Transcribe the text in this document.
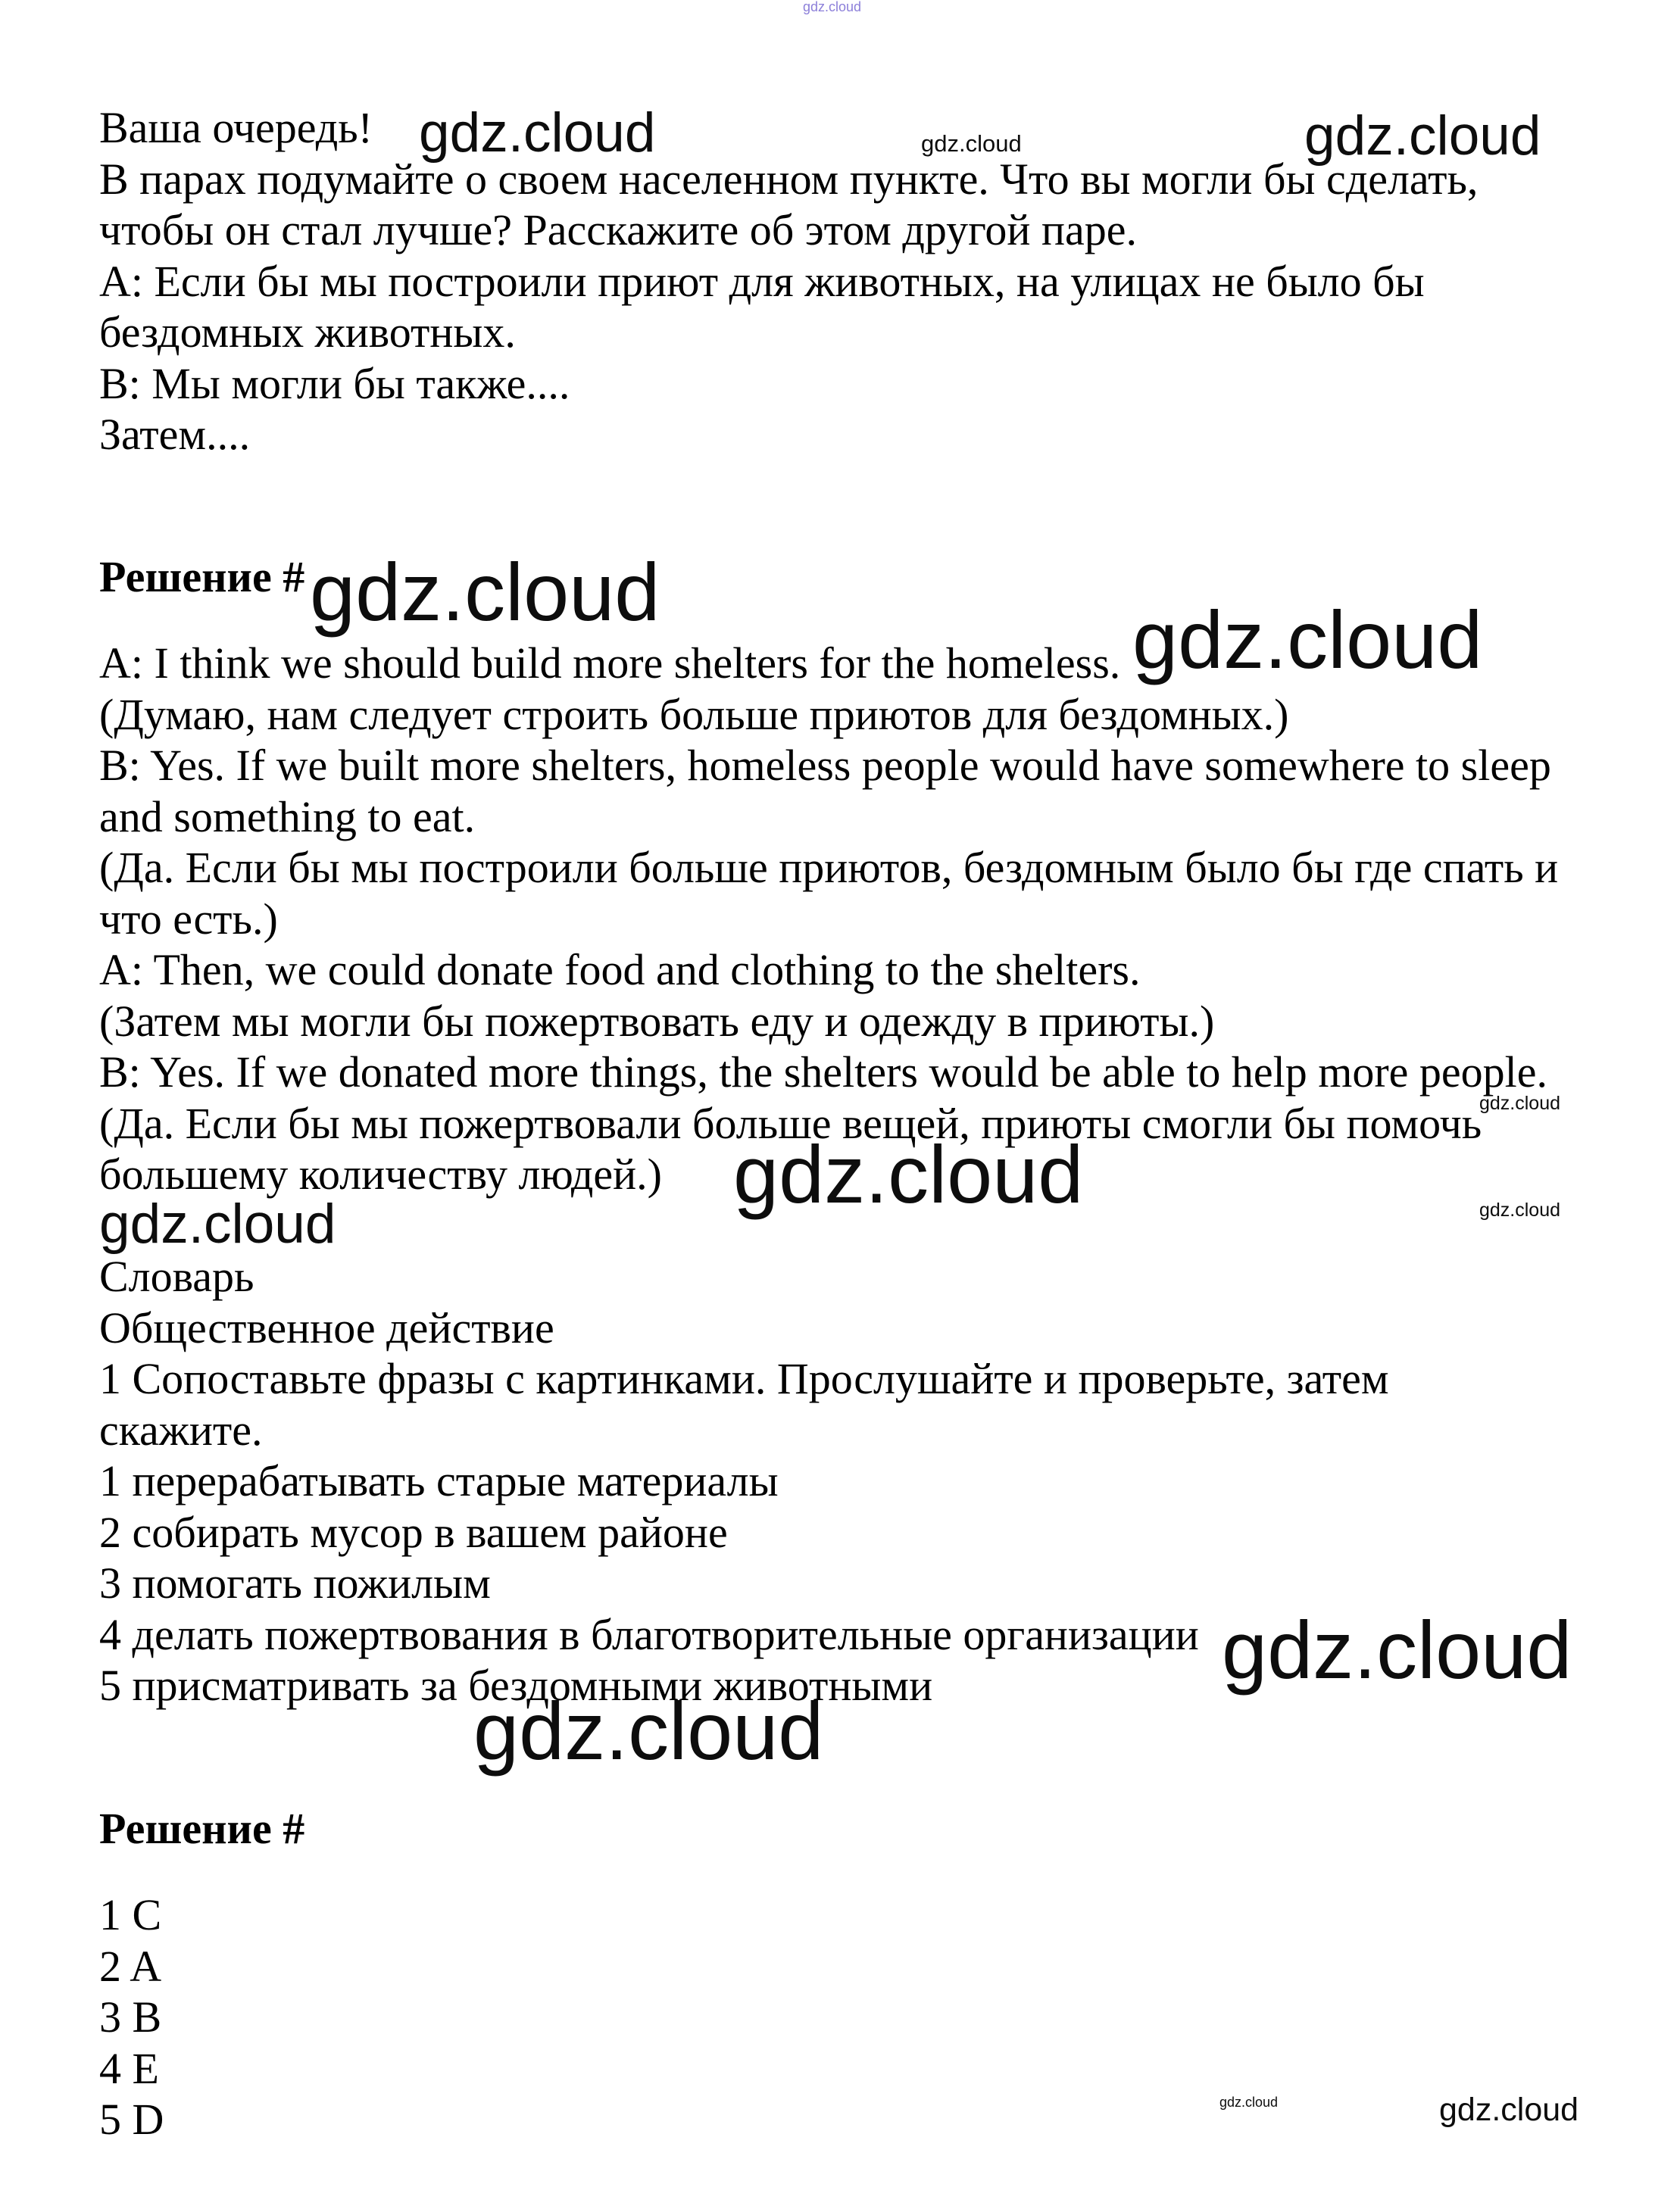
Ваша очередь!
В парах подумайте о своем населенном пункте. Что вы могли бы сделать,
чтобы он стал лучше? Расскажите об этом другой паре.
A: Если бы мы построили приют для животных, на улицах не было бы
бездомных животных.
B: Мы могли бы также....
Затем....
Решение #
A: I think we should build more shelters for the homeless.
(Думаю, нам следует строить больше приютов для бездомных.)
B: Yes. If we built more shelters, homeless people would have somewhere to sleep
and something to eat.
(Да. Если бы мы построили больше приютов, бездомным было бы где спать и
что есть.)
A: Then, we could donate food and clothing to the shelters.
(Затем мы могли бы пожертвовать еду и одежду в приюты.)
B: Yes. If we donated more things, the shelters would be able to help more people.
(Да. Если бы мы пожертвовали больше вещей, приюты смогли бы помочь
большему количеству людей.)
Словарь
Общественное действие
1 Сопоставьте фразы с картинками. Прослушайте и проверьте, затем
скажите.
1 перерабатывать старые материалы
2 собирать мусор в вашем районе
3 помогать пожилым
4 делать пожертвования в благотворительные организации
5 присматривать за бездомными животными
Решение #
1 C
2 A
3 B
4 E
5 D
gdz.cloud
gdz.cloud	gdz.cloud	gdz.cloud
gdz.cloud
gdz.cloud
gdz.cloud
gdz.cloud	gdz.cloud
gdz.cloud
gdz.cloud
gdz.cloud
gdz.cloud	gdz.cloud
